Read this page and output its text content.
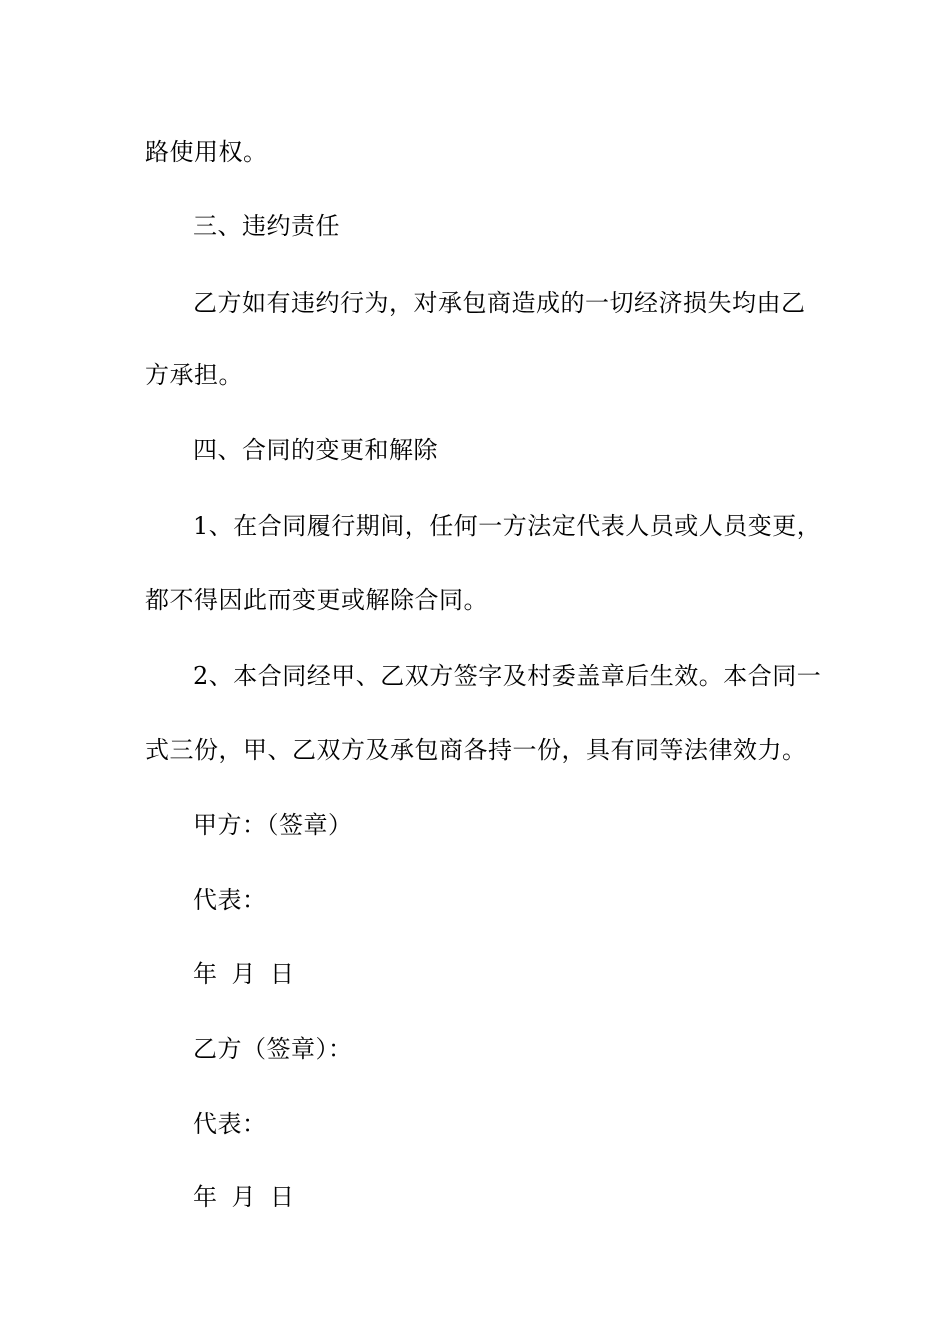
路使用权。
三、违约责任
乙方如有违约行为，对承包商造成的一切经济损失均由乙
方承担。
四、合同的变更和解除
1、在合同履行期间，任何一方法定代表人员或人员变更，
都不得因此而变更或解除合同。
2、本合同经甲、乙双方签字及村委盖章后生效。本合同一
式三份，甲、乙双方及承包商各持一份，具有同等法律效力。
甲方：（签章）
代表：
年 月 日
乙方（签章）：
代表：
年 月 日
